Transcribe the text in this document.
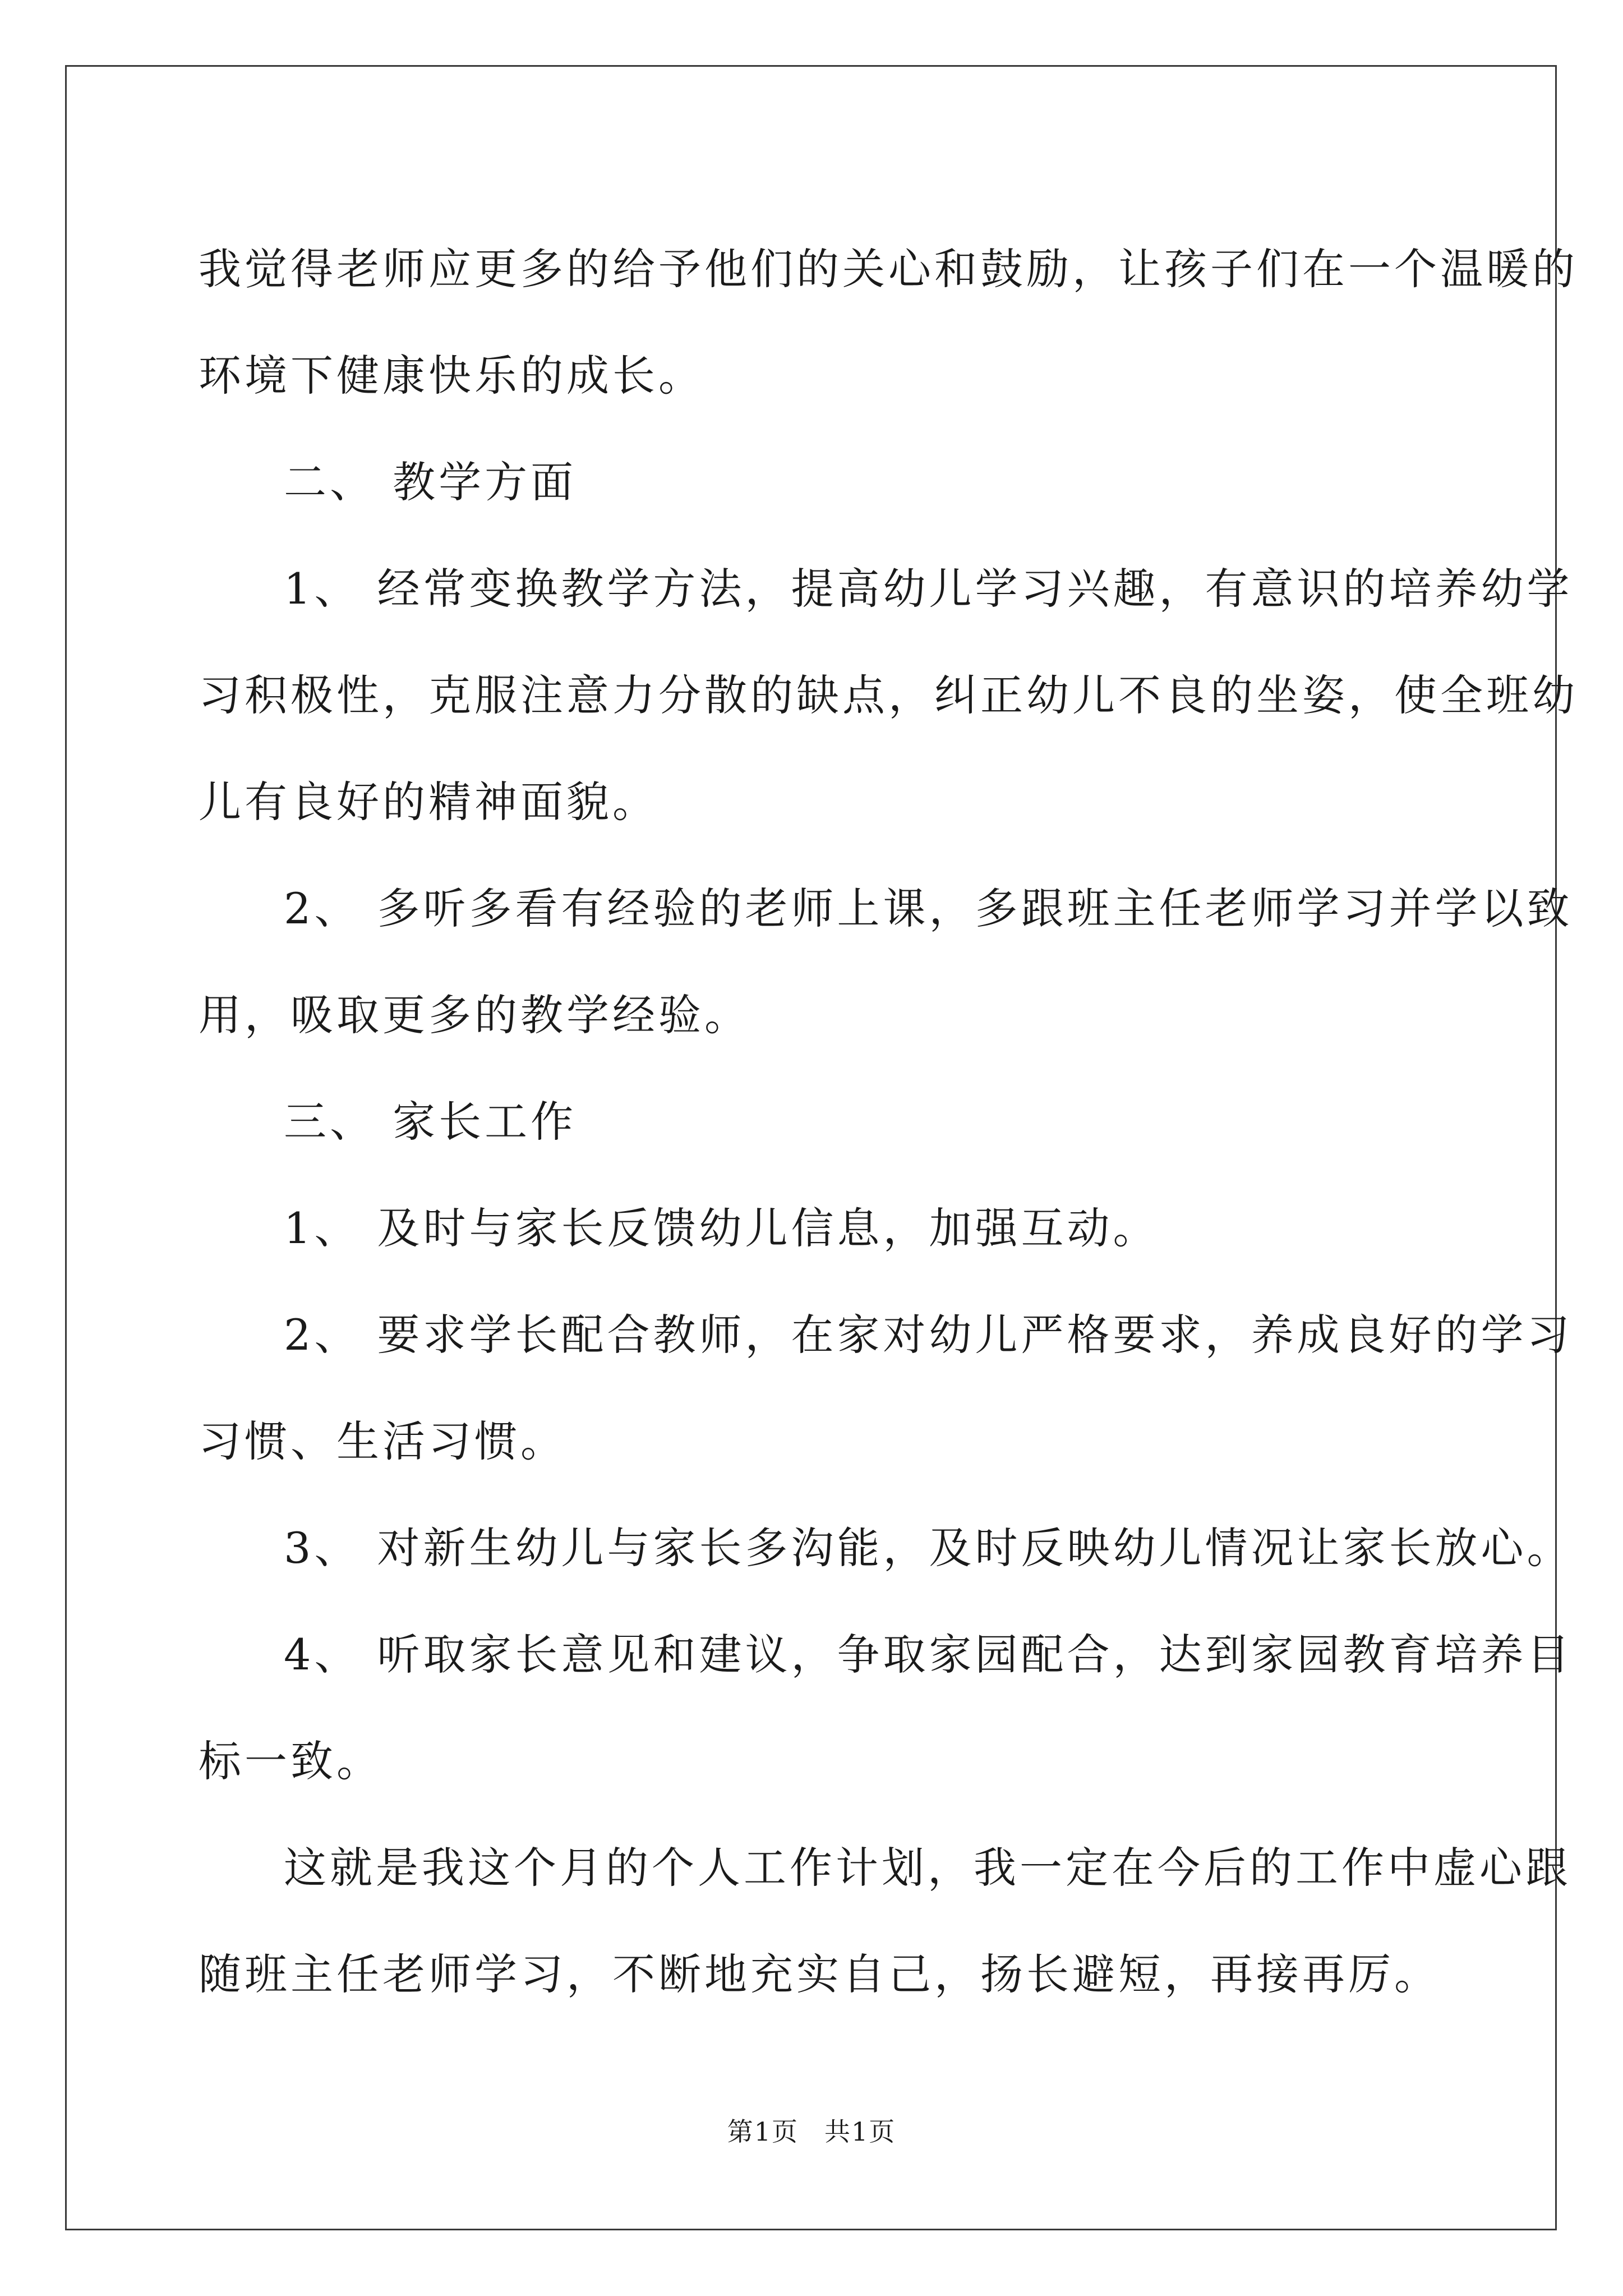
我觉得老师应更多的给予他们的关心和鼓励，让孩子们在一个温暖的

环境下健康快乐的成长。

二、 教学方面

1、 经常变换教学方法，提高幼儿学习兴趣，有意识的培养幼学

习积极性，克服注意力分散的缺点，纠正幼儿不良的坐姿，使全班幼

儿有良好的精神面貌。

2、 多听多看有经验的老师上课，多跟班主任老师学习并学以致

用，吸取更多的教学经验。

三、 家长工作

1、 及时与家长反馈幼儿信息，加强互动。

2、 要求学长配合教师，在家对幼儿严格要求，养成良好的学习

习惯、生活习惯。

3、 对新生幼儿与家长多沟能，及时反映幼儿情况让家长放心。

4、 听取家长意见和建议，争取家园配合，达到家园教育培养目

标一致。

这就是我这个月的个人工作计划，我一定在今后的工作中虚心跟

随班主任老师学习，不断地充实自己，扬长避短，再接再厉。

第1页 共1页
